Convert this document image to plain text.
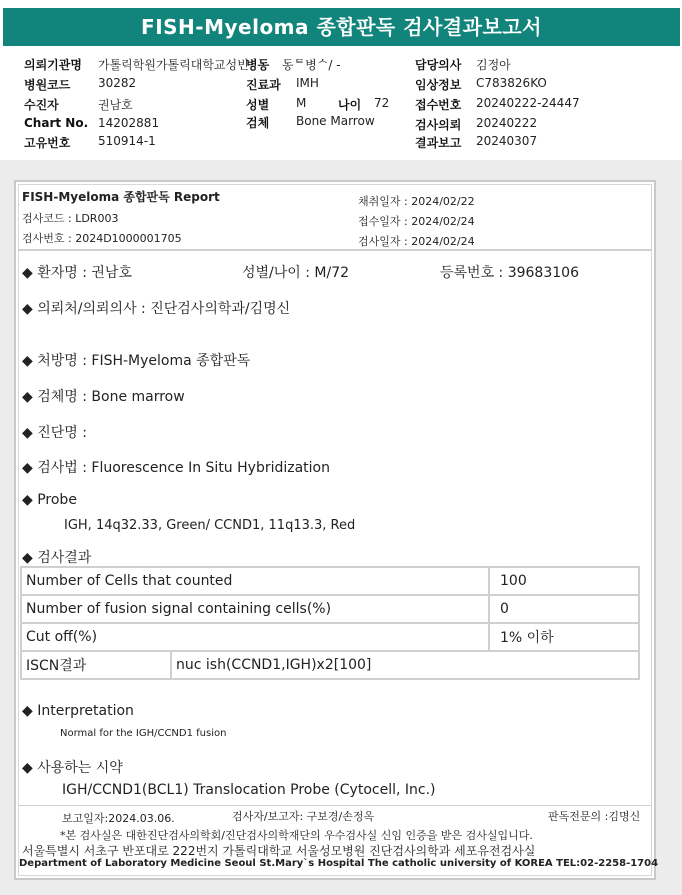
FISH-Myeloma 종합판독 검사결과보고서
의뢰기관명 가톨릭학원가톨릭대학교성빈
병동 동ᄐ병ᄉ/ -	담당의사 김정아
병원코드 30282	진료과 IMH	임상정보 C783826KO
수진자	권남호	성별 M	나이 72 접수번호 20240222-24447
Chart No. 14202881	검체 Bone Marrow	검사의뢰 20240222
고유번호 510914-1	결과보고 20240307
FISH-Myeloma 종합판독 Report
검사코드 : LDR003
검사번호 : 2024D1000001705
채취일자 : 2024/02/22
접수일자 : 2024/02/24
검사일자 : 2024/02/24
◆ 환자명 : 권남호	성별/나이 : M/72	등록번호 : 39683106
◆ 의뢰처/의뢰의사 : 진단검사의학과/김명신
◆ 처방명 : FISH-Myeloma 종합판독
◆ 검체명 : Bone marrow
◆ 진단명 :
◆ 검사법 : Fluorescence In Situ Hybridization
◆ Probe
IGH, 14q32.33, Green/ CCND1, 11q13.3, Red
◆ 검사결과
Number of Cells that counted		100
Number of fusion signal containing cells(%)		0
Cut off(%)		1% 이하
ISCN결과	nuc ish(CCND1,IGH)x2[100]	
◆ Interpretation
Normal for the IGH/CCND1 fusion
◆ 사용하는 시약
IGH/CCND1(BCL1) Translocation Probe (Cytocell, Inc.)
보고일자:2024.03.06.	검사자/보고자: 구보경/손정옥	판독전문의 :김명신
*본 검사실은 대한진단검사의학회/진단검사의학재단의 우수검사실 신임 인증을 받은 검사실입니다.
서울특별시 서초구 반포대로 222번지 가톨릭대학교 서울성모병원 진단검사의학과 세포유전검사실
Department of Laboratory Medicine Seoul St.Mary`s Hospital The catholic university of KOREA TEL:02-2258-1704
